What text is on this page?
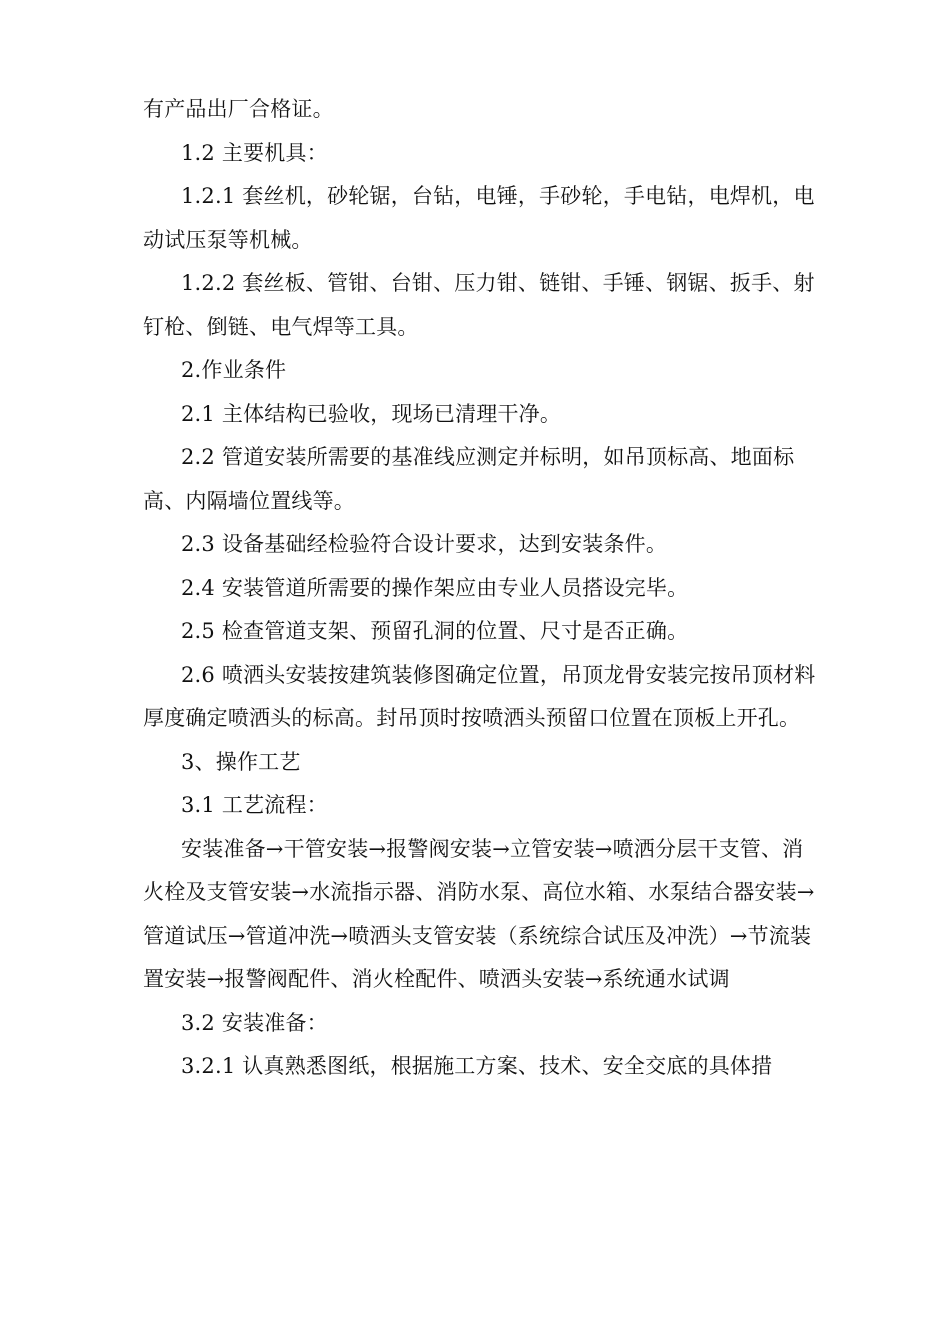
有产品出厂合格证。

1.2 主要机具：

1.2.1 套丝机，砂轮锯，台钻，电锤，手砂轮，手电钻，电焊机，电动试压泵等机械。

1.2.2 套丝板、管钳、台钳、压力钳、链钳、手锤、钢锯、扳手、射钉枪、倒链、电气焊等工具。

2.作业条件

2.1 主体结构已验收，现场已清理干净。

2.2 管道安装所需要的基准线应测定并标明，如吊顶标高、地面标高、内隔墙位置线等。

2.3 设备基础经检验符合设计要求，达到安装条件。

2.4 安装管道所需要的操作架应由专业人员搭设完毕。

2.5 检查管道支架、预留孔洞的位置、尺寸是否正确。

2.6 喷洒头安装按建筑装修图确定位置，吊顶龙骨安装完按吊顶材料厚度确定喷洒头的标高。封吊顶时按喷洒头预留口位置在顶板上开孔。

3、操作工艺

3.1 工艺流程：

安装准备→干管安装→报警阀安装→立管安装→喷洒分层干支管、消火栓及支管安装→水流指示器、消防水泵、高位水箱、水泵结合器安装→管道试压→管道冲洗→喷洒头支管安装（系统综合试压及冲洗）→节流装置安装→报警阀配件、消火栓配件、喷洒头安装→系统通水试调

3.2 安装准备：

3.2.1 认真熟悉图纸，根据施工方案、技术、安全交底的具体措
